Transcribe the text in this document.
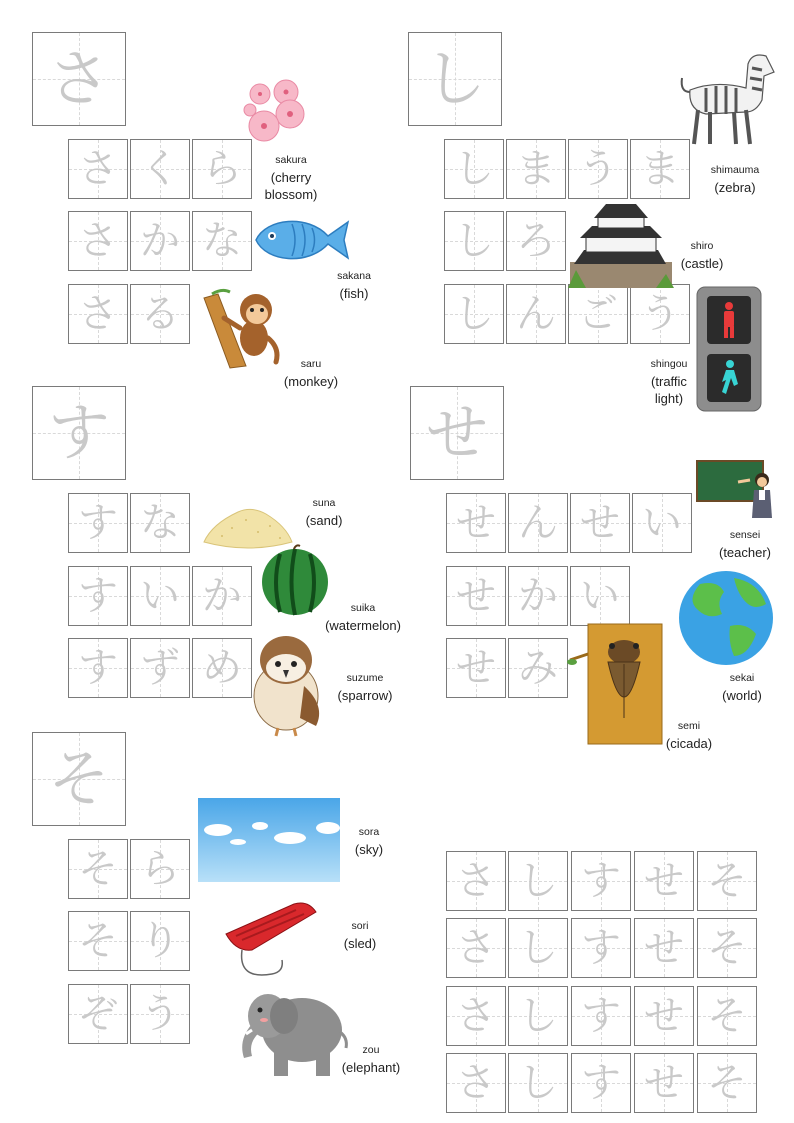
さ
さ く ら
さ か な
さ る
sakura
(cherry
blossom)
sakana
(fish)
saru
(monkey)
し
し ま う ま
し ろ
し ん ご う
shimauma
(zebra)
shiro
(castle)
shingou
(traffic
light)
す
す な
す い か
す ず め
suna
(sand)
suika
(watermelon)
suzume
(sparrow)
せ
せ ん せ い
せ か い
せ み
sensei
(teacher)
sekai
(world)
semi
(cicada)
そ
そ ら
そ り
ぞ う
sora
(sky)
sori
(sled)
zou
(elephant)
さ し す せ そ
さ し す せ そ
さ し す せ そ
さ し す せ そ
